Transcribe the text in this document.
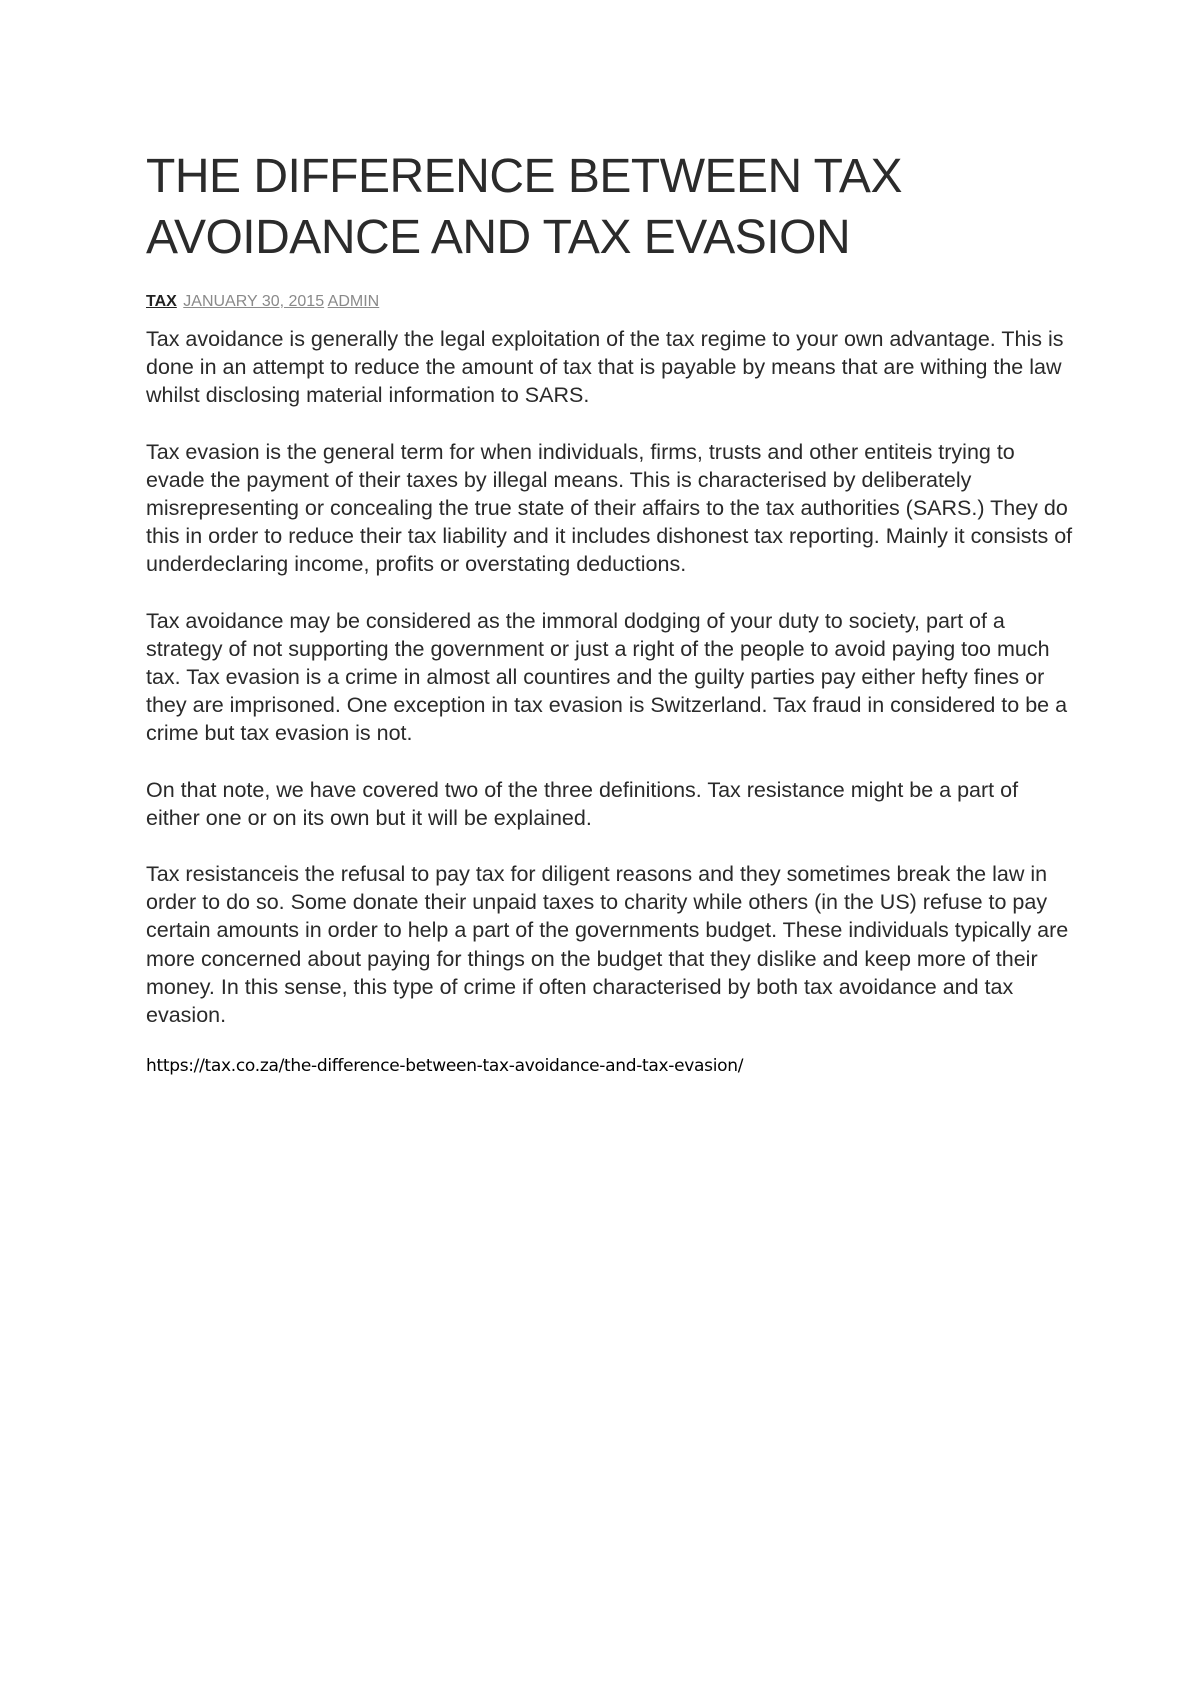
THE DIFFERENCE BETWEEN TAX AVOIDANCE AND TAX EVASION
TAX JANUARY 30, 2015 ADMIN

Tax avoidance is generally the legal exploitation of the tax regime to your own advantage. This is done in an attempt to reduce the amount of tax that is payable by means that are withing the law whilst disclosing material information to SARS.

Tax evasion is the general term for when individuals, firms, trusts and other entiteis trying to evade the payment of their taxes by illegal means. This is characterised by deliberately misrepresenting or concealing the true state of their affairs to the tax authorities (SARS.) They do this in order to reduce their tax liability and it includes dishonest tax reporting. Mainly it consists of underdeclaring income, profits or overstating deductions.

Tax avoidance may be considered as the immoral dodging of your duty to society, part of a strategy of not supporting the government or just a right of the people to avoid paying too much tax. Tax evasion is a crime in almost all countires and the guilty parties pay either hefty fines or they are imprisoned. One exception in tax evasion is Switzerland. Tax fraud in considered to be a crime but tax evasion is not.

On that note, we have covered two of the three definitions. Tax resistance might be a part of either one or on its own but it will be explained.

Tax resistanceis the refusal to pay tax for diligent reasons and they sometimes break the law in order to do so. Some donate their unpaid taxes to charity while others (in the US) refuse to pay certain amounts in order to help a part of the governments budget. These individuals typically are more concerned about paying for things on the budget that they dislike and keep more of their money. In this sense, this type of crime if often characterised by both tax avoidance and tax evasion.

https://tax.co.za/the-difference-between-tax-avoidance-and-tax-evasion/
